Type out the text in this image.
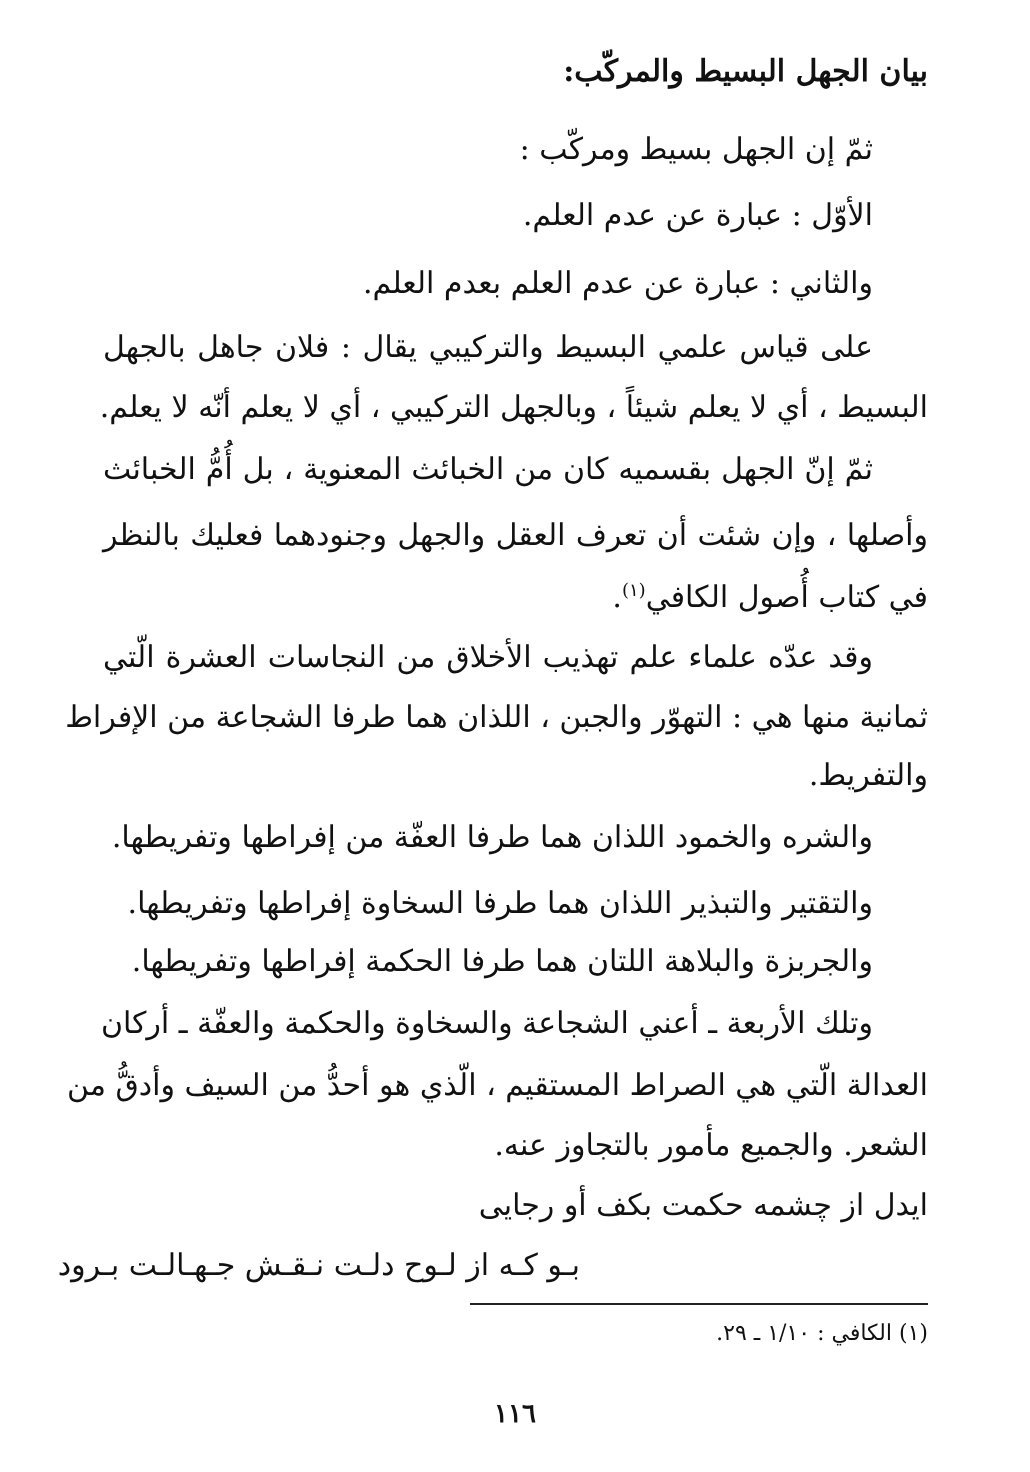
بيان الجهل البسيط والمركّب:
ثمّ إن الجهل بسيط ومركّب :
الأوّل : عبارة عن عدم العلم.
والثاني : عبارة عن عدم العلم بعدم العلم.
على قياس علمي البسيط والتركيبي يقال : فلان جاهل بالجهل
البسيط ، أي لا يعلم شيئاً ، وبالجهل التركيبي ، أي لا يعلم أنّه لا يعلم.
ثمّ إنّ الجهل بقسميه كان من الخبائث المعنوية ، بل أُمُّ الخبائث
وأصلها ، وإن شئت أن تعرف العقل والجهل وجنودهما فعليك بالنظر
في كتاب أُصول الكافي$^{(١)}$.
وقد عدّه علماء علم تهذيب الأخلاق من النجاسات العشرة الّتي
ثمانية منها هي : التهوّر والجبن ، اللذان هما طرفا الشجاعة من الإفراط
والتفريط.
والشره والخمود اللذان هما طرفا العفّة من إفراطها وتفريطها.
والتقتير والتبذير اللذان هما طرفا السخاوة إفراطها وتفريطها.
والجربزة والبلاهة اللتان هما طرفا الحكمة إفراطها وتفريطها.
وتلك الأربعة ـ أعني الشجاعة والسخاوة والحكمة والعفّة ـ أركان
العدالة الّتي هي الصراط المستقيم ، الّذي هو أحدُّ من السيف وأدقُّ من
الشعر. والجميع مأمور بالتجاوز عنه.
ايدل از چشمه حكمت بكف أو رجايى
بـو كـه از لـوح دلـت نـقـش جـهـالـت بـرود
(١) الكافي : ١/١٠ ـ ٢٩.
١١٦
